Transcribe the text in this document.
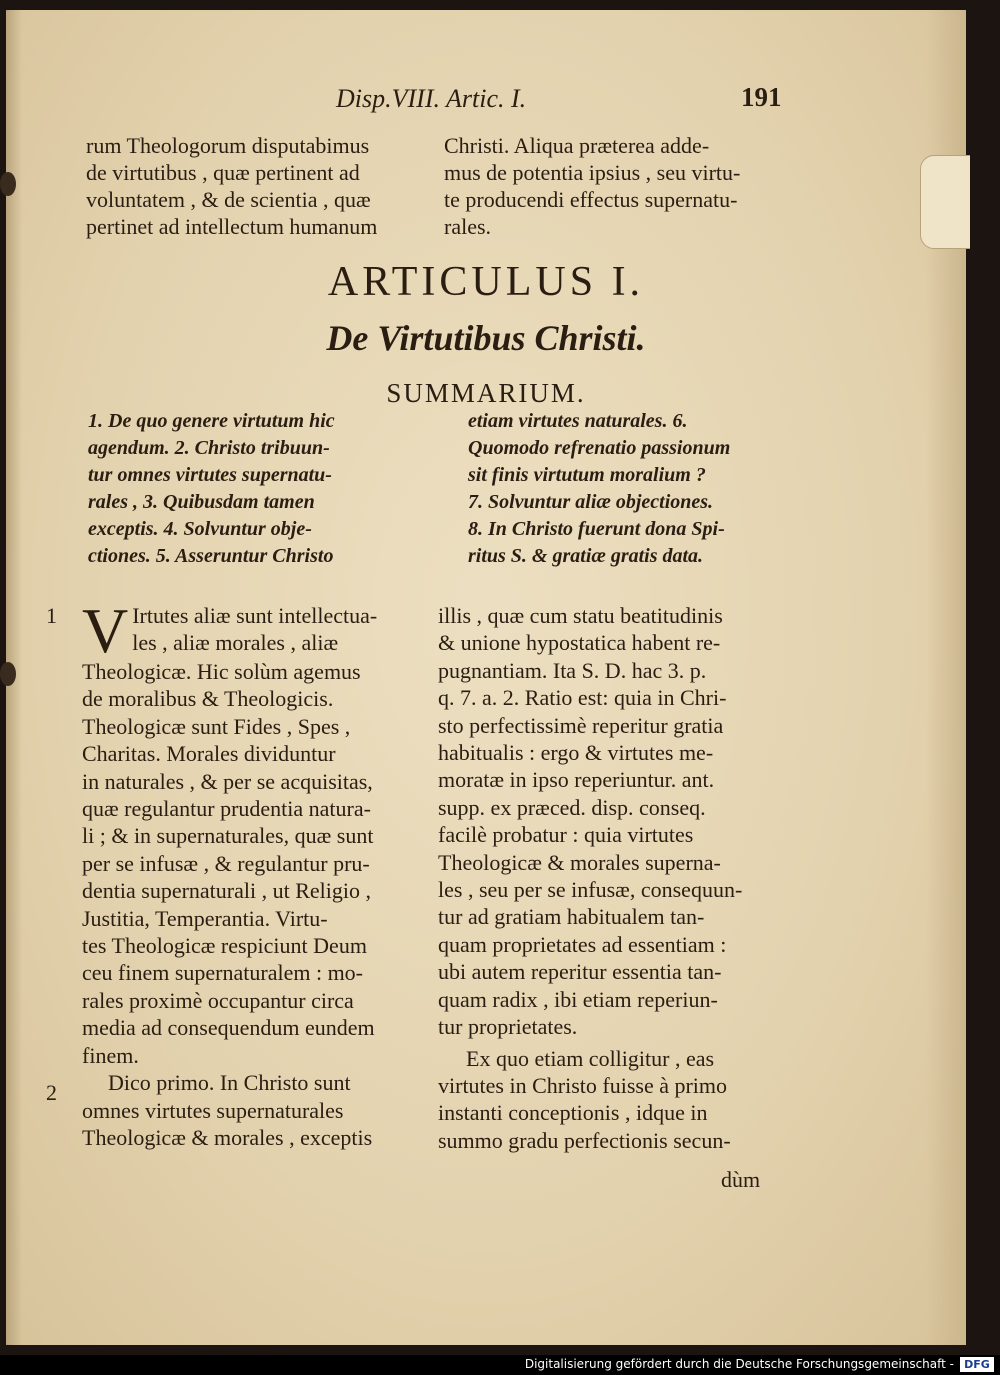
Disp.VIII. Artic. I.	191
rum Theologorum disputabimus
de virtutibus , quæ pertinent ad
voluntatem , & de scientia , quæ
pertinet ad intellectum humanum
Christi. Aliqua præterea adde-
mus de potentia ipsius , seu virtu-
te producendi effectus supernatu-
rales.
ARTICULUS I.
De Virtutibus Christi.
SUMMARIUM.
1. De quo genere virtutum hic
agendum. 2. Christo tribuun-
tur omnes virtutes supernatu-
rales , 3. Quibusdam tamen
exceptis. 4. Solvuntur obje-
ctiones. 5. Asseruntur Christo
etiam virtutes naturales. 6.
Quomodo refrenatio passionum
sit finis virtutum moralium ?
7. Solvuntur aliæ objectiones.
8. In Christo fuerunt dona Spi-
ritus S. & gratiæ gratis data.
1
2
V Irtutes aliæ sunt intellectua-
les , aliæ morales , aliæ
Theologicæ. Hic solùm agemus
de moralibus & Theologicis.
Theologicæ sunt Fides , Spes ,
Charitas. Morales dividuntur
in naturales , & per se acquisitas,
quæ regulantur prudentia natura-
li ; & in supernaturales, quæ sunt
per se infusæ , & regulantur pru-
dentia supernaturali , ut Religio ,
Justitia, Temperantia. Virtu-
tes Theologicæ respiciunt Deum
ceu finem supernaturalem : mo-
rales proximè occupantur circa
media ad consequendum eundem
finem.
Dico primo. In Christo sunt
omnes virtutes supernaturales
Theologicæ & morales , exceptis
illis , quæ cum statu beatitudinis
& unione hypostatica habent re-
pugnantiam. Ita S. D. hac 3. p.
q. 7. a. 2. Ratio est: quia in Chri-
sto perfectissimè reperitur gratia
habitualis : ergo & virtutes me-
moratæ in ipso reperiuntur. ant.
supp. ex præced. disp. conseq.
facilè probatur : quia virtutes
Theologicæ & morales superna-
les , seu per se infusæ, consequun-
tur ad gratiam habitualem tan-
quam proprietates ad essentiam :
ubi autem reperitur essentia tan-
quam radix , ibi etiam reperiun-
tur proprietates.
Ex quo etiam colligitur , eas
virtutes in Christo fuisse à primo
instanti conceptionis , idque in
summo gradu perfectionis secun-
dùm
Digitalisierung gefördert durch die Deutsche Forschungsgemeinschaft - DFG
